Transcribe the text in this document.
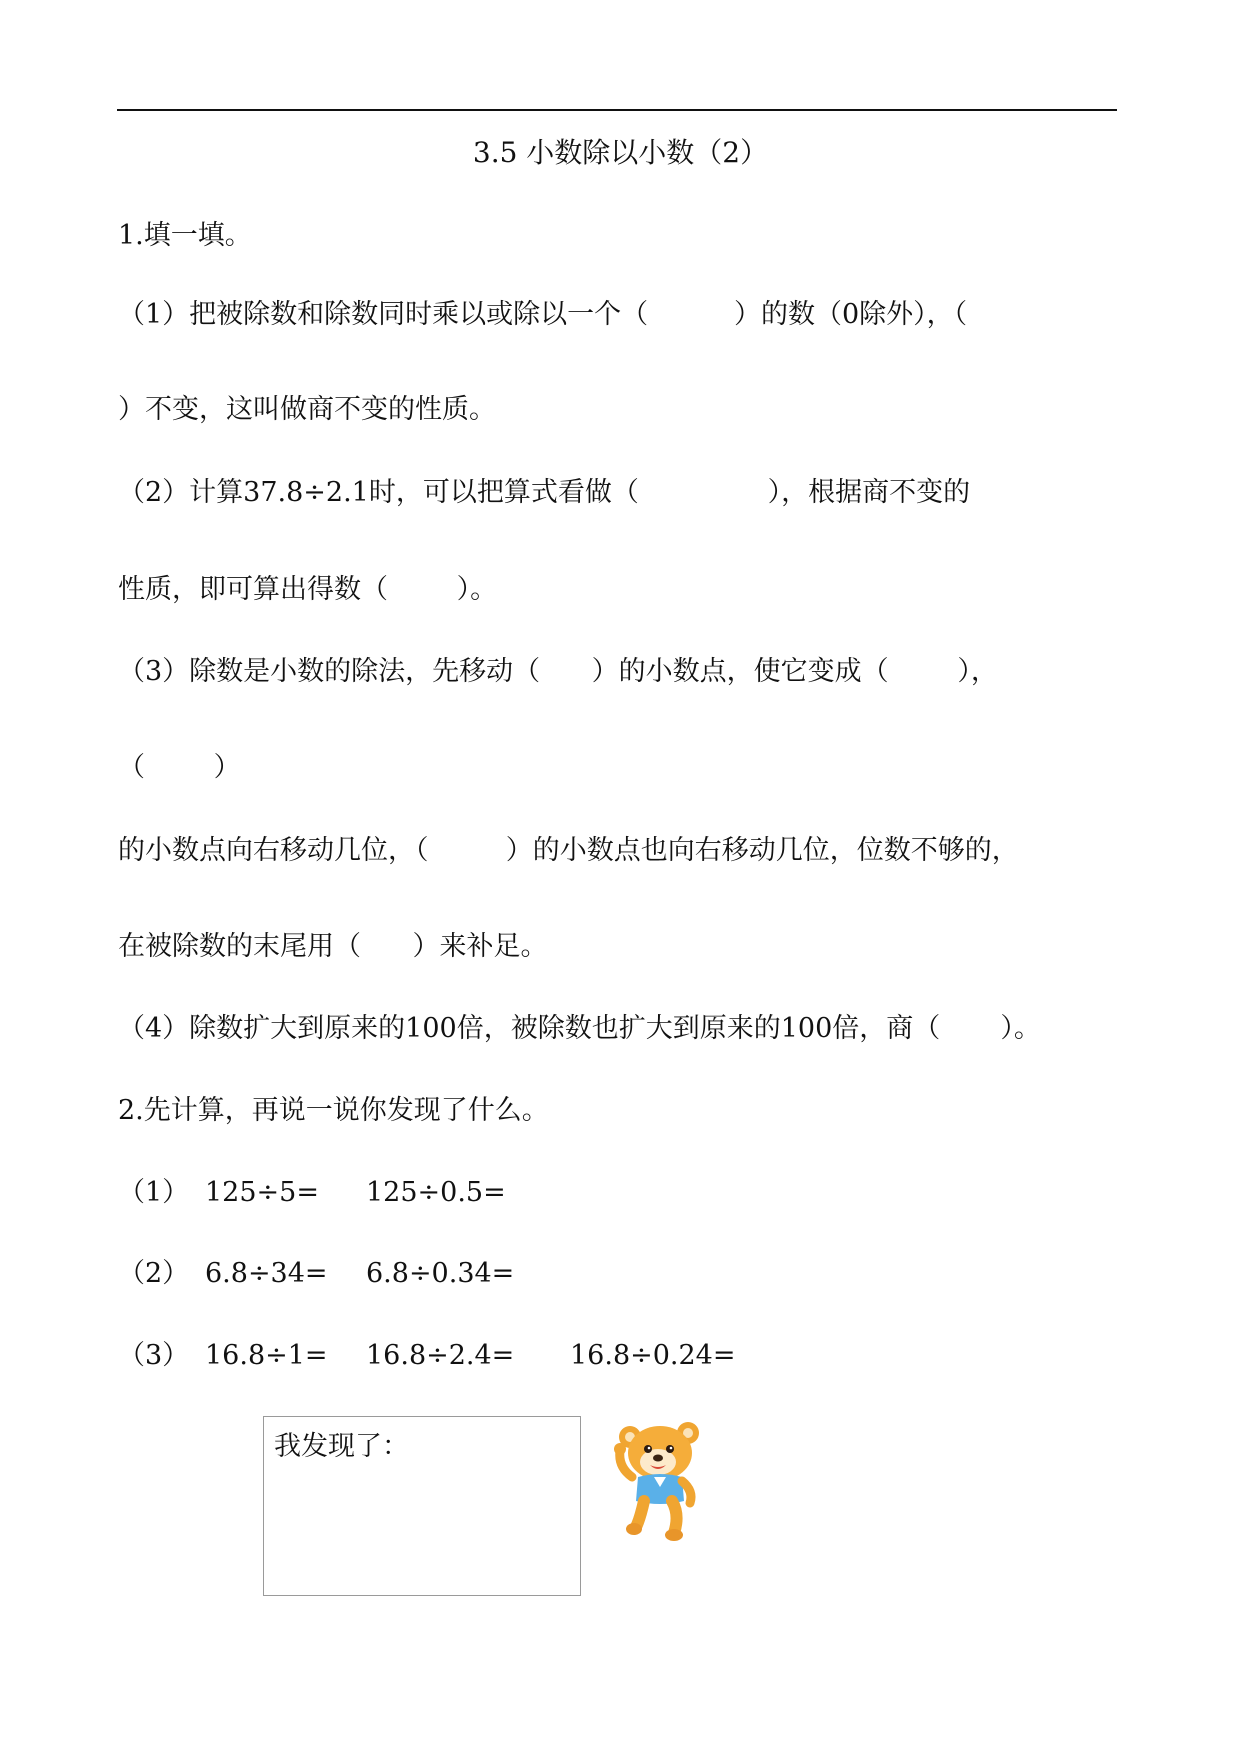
3.5 小数除以小数（2）
1.填一填。
（1）把被除数和除数同时乘以或除以一个（          ）的数（0除外），（
）不变，这叫做商不变的性质。
（2）计算37.8÷2.1时，可以把算式看做（               ），根据商不变的
性质，即可算出得数（        ）。
（3）除数是小数的除法，先移动（      ）的小数点，使它变成（        ），
（        ）
的小数点向右移动几位，（         ）的小数点也向右移动几位，位数不够的，
在被除数的末尾用（      ）来补足。
（4）除数扩大到原来的100倍，被除数也扩大到原来的100倍，商（       ）。
2.先计算，再说一说你发现了什么。
（1） 125÷5= 125÷0.5=
（2） 6.8÷34= 6.8÷0.34=
（3） 16.8÷1= 16.8÷2.4= 16.8÷0.24=
我发现了：
